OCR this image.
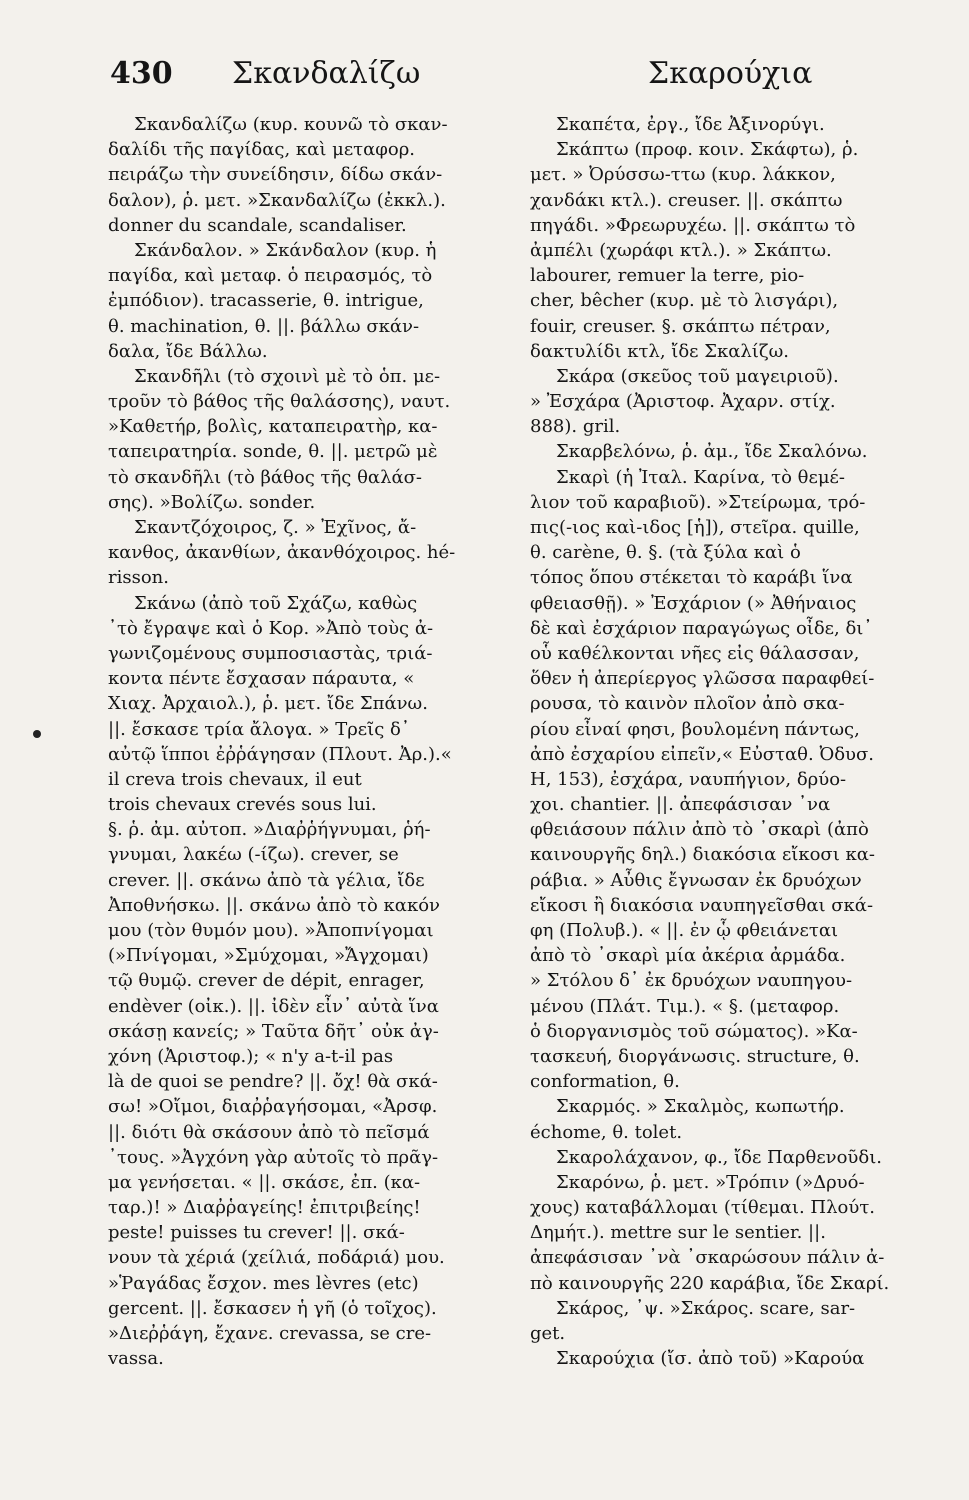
430 Σκανδαλίζω	Σκαρούχια
Σκανδαλίζω (κυρ. κουνῶ τὸ σκαν-
δαλίδι τῆς παγίδας, καὶ μεταφορ.
πειράζω τὴν συνείδησιν, δίδω σκάν-
δαλον), ῥ. μετ. »Σκανδαλίζω (ἐκκλ.).
donner du scandale, scandaliser.
Σκάνδαλον. » Σκάνδαλον (κυρ. ἡ
παγίδα, καὶ μεταφ. ὁ πειρασμός, τὸ
ἐμπόδιον). tracasserie, θ. intrigue,
θ. machination, θ. ||. βάλλω σκάν-
δαλα, ἴδε Βάλλω.
Σκανδῆλι (τὸ σχοινὶ μὲ τὸ ὁπ. με-
τροῦν τὸ βάθος τῆς θαλάσσης), ναυτ.
»Καθετήρ, βολὶς, καταπειρατὴρ, κα-
ταπειρατηρία. sonde, θ. ||. μετρῶ μὲ
τὸ σκανδῆλι (τὸ βάθος τῆς θαλάσ-
σης). »Βολίζω. sonder.
Σκαντζόχοιρος, ζ. » Ἐχῖνος, ἄ-
κανθος, ἀκανθίων, ἀκανθόχοιρος. hé-
risson.
Σκάνω (ἀπὸ τοῦ Σχάζω, καθὼς
᾽τὸ ἔγραψε καὶ ὁ Κορ. »Ἀπὸ τοὺς ἀ-
γωνιζομένους συμποσιαστὰς, τριά-
κοντα πέντε ἔσχασαν πάραυτα, «
Χιαχ. Ἀρχαιολ.), ῥ. μετ. ἴδε Σπάνω.
||. ἔσκασε τρία ἄλογα. » Τρεῖς δ᾽
αὐτῷ ἵπποι ἐῤῥάγησαν (Πλουτ. Ἀρ.).«
il creva trois chevaux, il eut
trois chevaux crevés sous lui.
§. ῥ. ἀμ. αὐτοπ. »Διαῤῥήγνυμαι, ῥή-
γνυμαι, λακέω (-ίζω). crever, se
crever. ||. σκάνω ἀπὸ τὰ γέλια, ἴδε
Ἀποθνήσκω. ||. σκάνω ἀπὸ τὸ κακόν
μου (τὸν θυμόν μου). »Ἀποπνίγομαι
(»Πνίγομαι, »Σμύχομαι, »Ἄγχομαι)
τῷ θυμῷ. crever de dépit, enrager,
endèver (οἰκ.). ||. ἰδὲν εἶν᾽ αὐτὰ ἵνα
σκάσῃ κανείς; » Ταῦτα δῆτ᾽ οὐκ ἀγ-
χόνη (Ἀριστοφ.); « n'y a-t-il pas
là de quoi se pendre? ||. ὄχ! θὰ σκά-
σω! »Οἴμοι, διαῤῥαγήσομαι, «Ἀρσφ.
||. διότι θὰ σκάσουν ἀπὸ τὸ πεῖσμά
᾽τους. »Ἀγχόνη γὰρ αὐτοῖς τὸ πρᾶγ-
μα γενήσεται. « ||. σκάσε, ἐπ. (κα-
ταρ.)! » Διαῤῥαγείης! ἐπιτριβείης!
peste! puisses tu crever! ||. σκά-
νουν τὰ χέριά (χείλιά, ποδάριά) μου.
»Ῥαγάδας ἔσχον. mes lèvres (etc)
gercent. ||. ἔσκασεν ἡ γῆ (ὁ τοῖχος).
»Διεῤῥάγη, ἔχανε. crevassa, se cre-
vassa.
Σκαπέτα, ἐργ., ἴδε Ἀξινορύγι.
Σκάπτω (προφ. κοιν. Σκάφτω), ῥ.
μετ. » Ὀρύσσω-ττω (κυρ. λάκκον,
χανδάκι κτλ.). creuser. ||. σκάπτω
πηγάδι. »Φρεωρυχέω. ||. σκάπτω τὸ
ἀμπέλι (χωράφι κτλ.). » Σκάπτω.
labourer, remuer la terre, pio-
cher, bêcher (κυρ. μὲ τὸ λισγάρι),
fouir, creuser. §. σκάπτω πέτραν,
δακτυλίδι κτλ, ἴδε Σκαλίζω.
Σκάρα (σκεῦος τοῦ μαγειριοῦ).
» Ἐσχάρα (Ἀριστοφ. Ἀχαρν. στίχ.
888). gril.
Σκαρβελόνω, ῥ. ἀμ., ἴδε Σκαλόνω.
Σκαρὶ (ἡ Ἰταλ. Καρίνα, τὸ θεμέ-
λιον τοῦ καραβιοῦ). »Στείρωμα, τρό-
πις(-ιος καὶ-ιδος [ἡ]), στεῖρα. quille,
θ. carène, θ. §. (τὰ ξύλα καὶ ὁ
τόπος ὅπου στέκεται τὸ καράβι ἵνα
φθειασθῇ). » Ἐσχάριον (» Ἀθήναιος
δὲ καὶ ἐσχάριον παραγώγως οἶδε, δι᾽
οὗ καθέλκονται νῆες εἰς θάλασσαν,
ὅθεν ἡ ἀπερίεργος γλῶσσα παραφθεί-
ρουσα, τὸ καινὸν πλοῖον ἀπὸ σκα-
ρίου εἶναί φησι, βουλομένη πάντως,
ἀπὸ ἐσχαρίου εἰπεῖν,« Εὐσταθ. Ὀδυσ.
Η, 153), ἐσχάρα, ναυπήγιον, δρύο-
χοι. chantier. ||. ἀπεφάσισαν ᾽να
φθειάσουν πάλιν ἀπὸ τὸ ᾽σκαρὶ (ἀπὸ
καινουργῆς δηλ.) διακόσια εἴκοσι κα-
ράβια. » Αὖθις ἔγνωσαν ἐκ δρυόχων
εἴκοσι ἢ διακόσια ναυπηγεῖσθαι σκά-
φη (Πολυβ.). « ||. ἐν ᾧ φθειάνεται
ἀπὸ τὸ ᾽σκαρὶ μία ἀκέρια ἀρμάδα.
» Στόλου δ᾽ ἐκ δρυόχων ναυπηγου-
μένου (Πλάτ. Τιμ.). « §. (μεταφορ.
ὁ διοργανισμὸς τοῦ σώματος). »Κα-
τασκευή, διοργάνωσις. structure, θ.
conformation, θ.
Σκαρμός. » Σκαλμὸς, κωπωτήρ.
échome, θ. tolet.
Σκαρολάχανον, φ., ἴδε Παρθενοῦδι.
Σκαρόνω, ῥ. μετ. »Τρόπιν (»Δρυό-
χους) καταβάλλομαι (τίθεμαι. Πλούτ.
Δημήτ.). mettre sur le sentier. ||.
ἀπεφάσισαν ᾽νὰ ᾽σκαρώσουν πάλιν ἀ-
πὸ καινουργῆς 220 καράβια, ἴδε Σκαρί.
Σκάρος, ᾽ψ. »Σκάρος. scare, sar-
get.
Σκαρούχια (ἴσ. ἀπὸ τοῦ) »Καρούα
